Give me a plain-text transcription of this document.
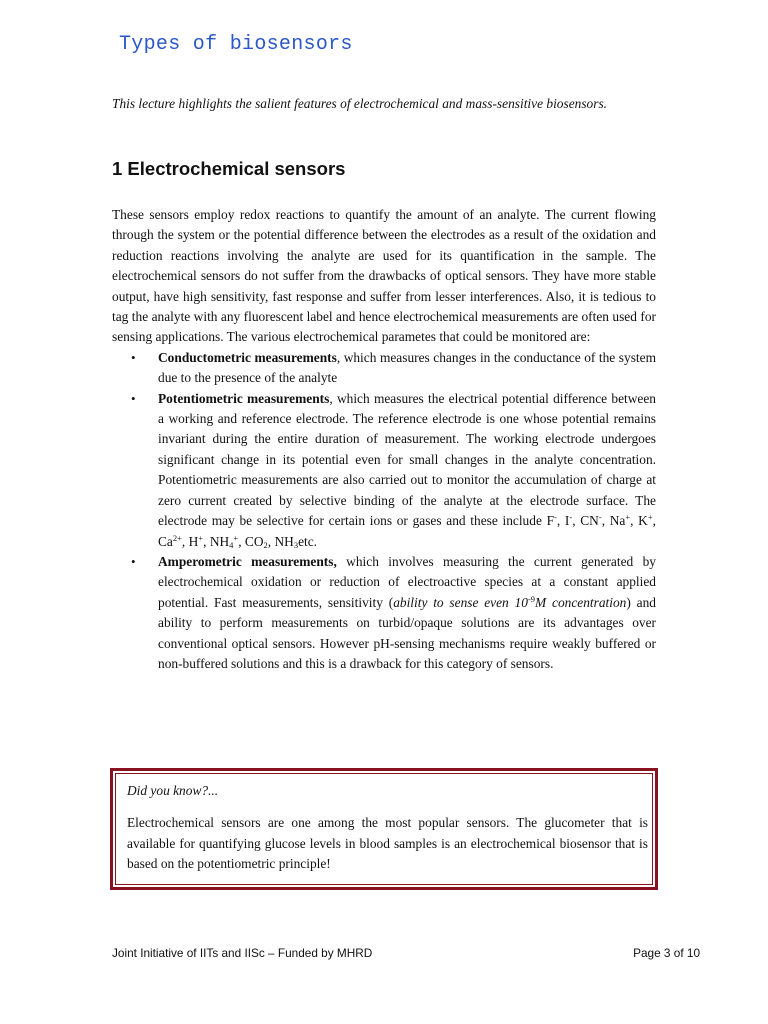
Types of biosensors
This lecture highlights the salient features of electrochemical and mass-sensitive biosensors.
1 Electrochemical sensors

These sensors employ redox reactions to quantify the amount of an analyte. The current flowing through the system or the potential difference between the electrodes as a result of the oxidation and reduction reactions involving the analyte are used for its quantification in the sample. The electrochemical sensors do not suffer from the drawbacks of optical sensors. They have more stable output, have high sensitivity, fast response and suffer from lesser interferences. Also, it is tedious to tag the analyte with any fluorescent label and hence electrochemical measurements are often used for sensing applications. The various electrochemical parametes that could be monitored are:

• Conductometric measurements, which measures changes in the conductance of the system due to the presence of the analyte
• Potentiometric measurements, which measures the electrical potential difference between a working and reference electrode. The reference electrode is one whose potential remains invariant during the entire duration of measurement. The working electrode undergoes significant change in its potential even for small changes in the analyte concentration. Potentiometric measurements are also carried out to monitor the accumulation of charge at zero current created by selective binding of the analyte at the electrode surface. The electrode may be selective for certain ions or gases and these include F-, I-, CN-, Na+, K+, $Ca^{2+}$, H+, $NH_4^+$, $CO_2$, $NH_3etc$.
• Amperometric measurements, which involves measuring the current generated by electrochemical oxidation or reduction of electroactive species at a constant applied potential. Fast measurements, sensitivity (ability to sense even $10^{-9}M$ concentration) and ability to perform measurements on turbid/opaque solutions are its advantages over conventional optical sensors. However pH-sensing mechanisms require weakly buffered or non-buffered solutions and this is a drawback for this category of sensors.
Did you know?...
Electrochemical sensors are one among the most popular sensors. The glucometer that is available for quantifying glucose levels in blood samples is an electrochemical biosensor that is based on the potentiometric principle!
Joint Initiative of IITs and IISc – Funded by MHRD	Page 3 of 10
